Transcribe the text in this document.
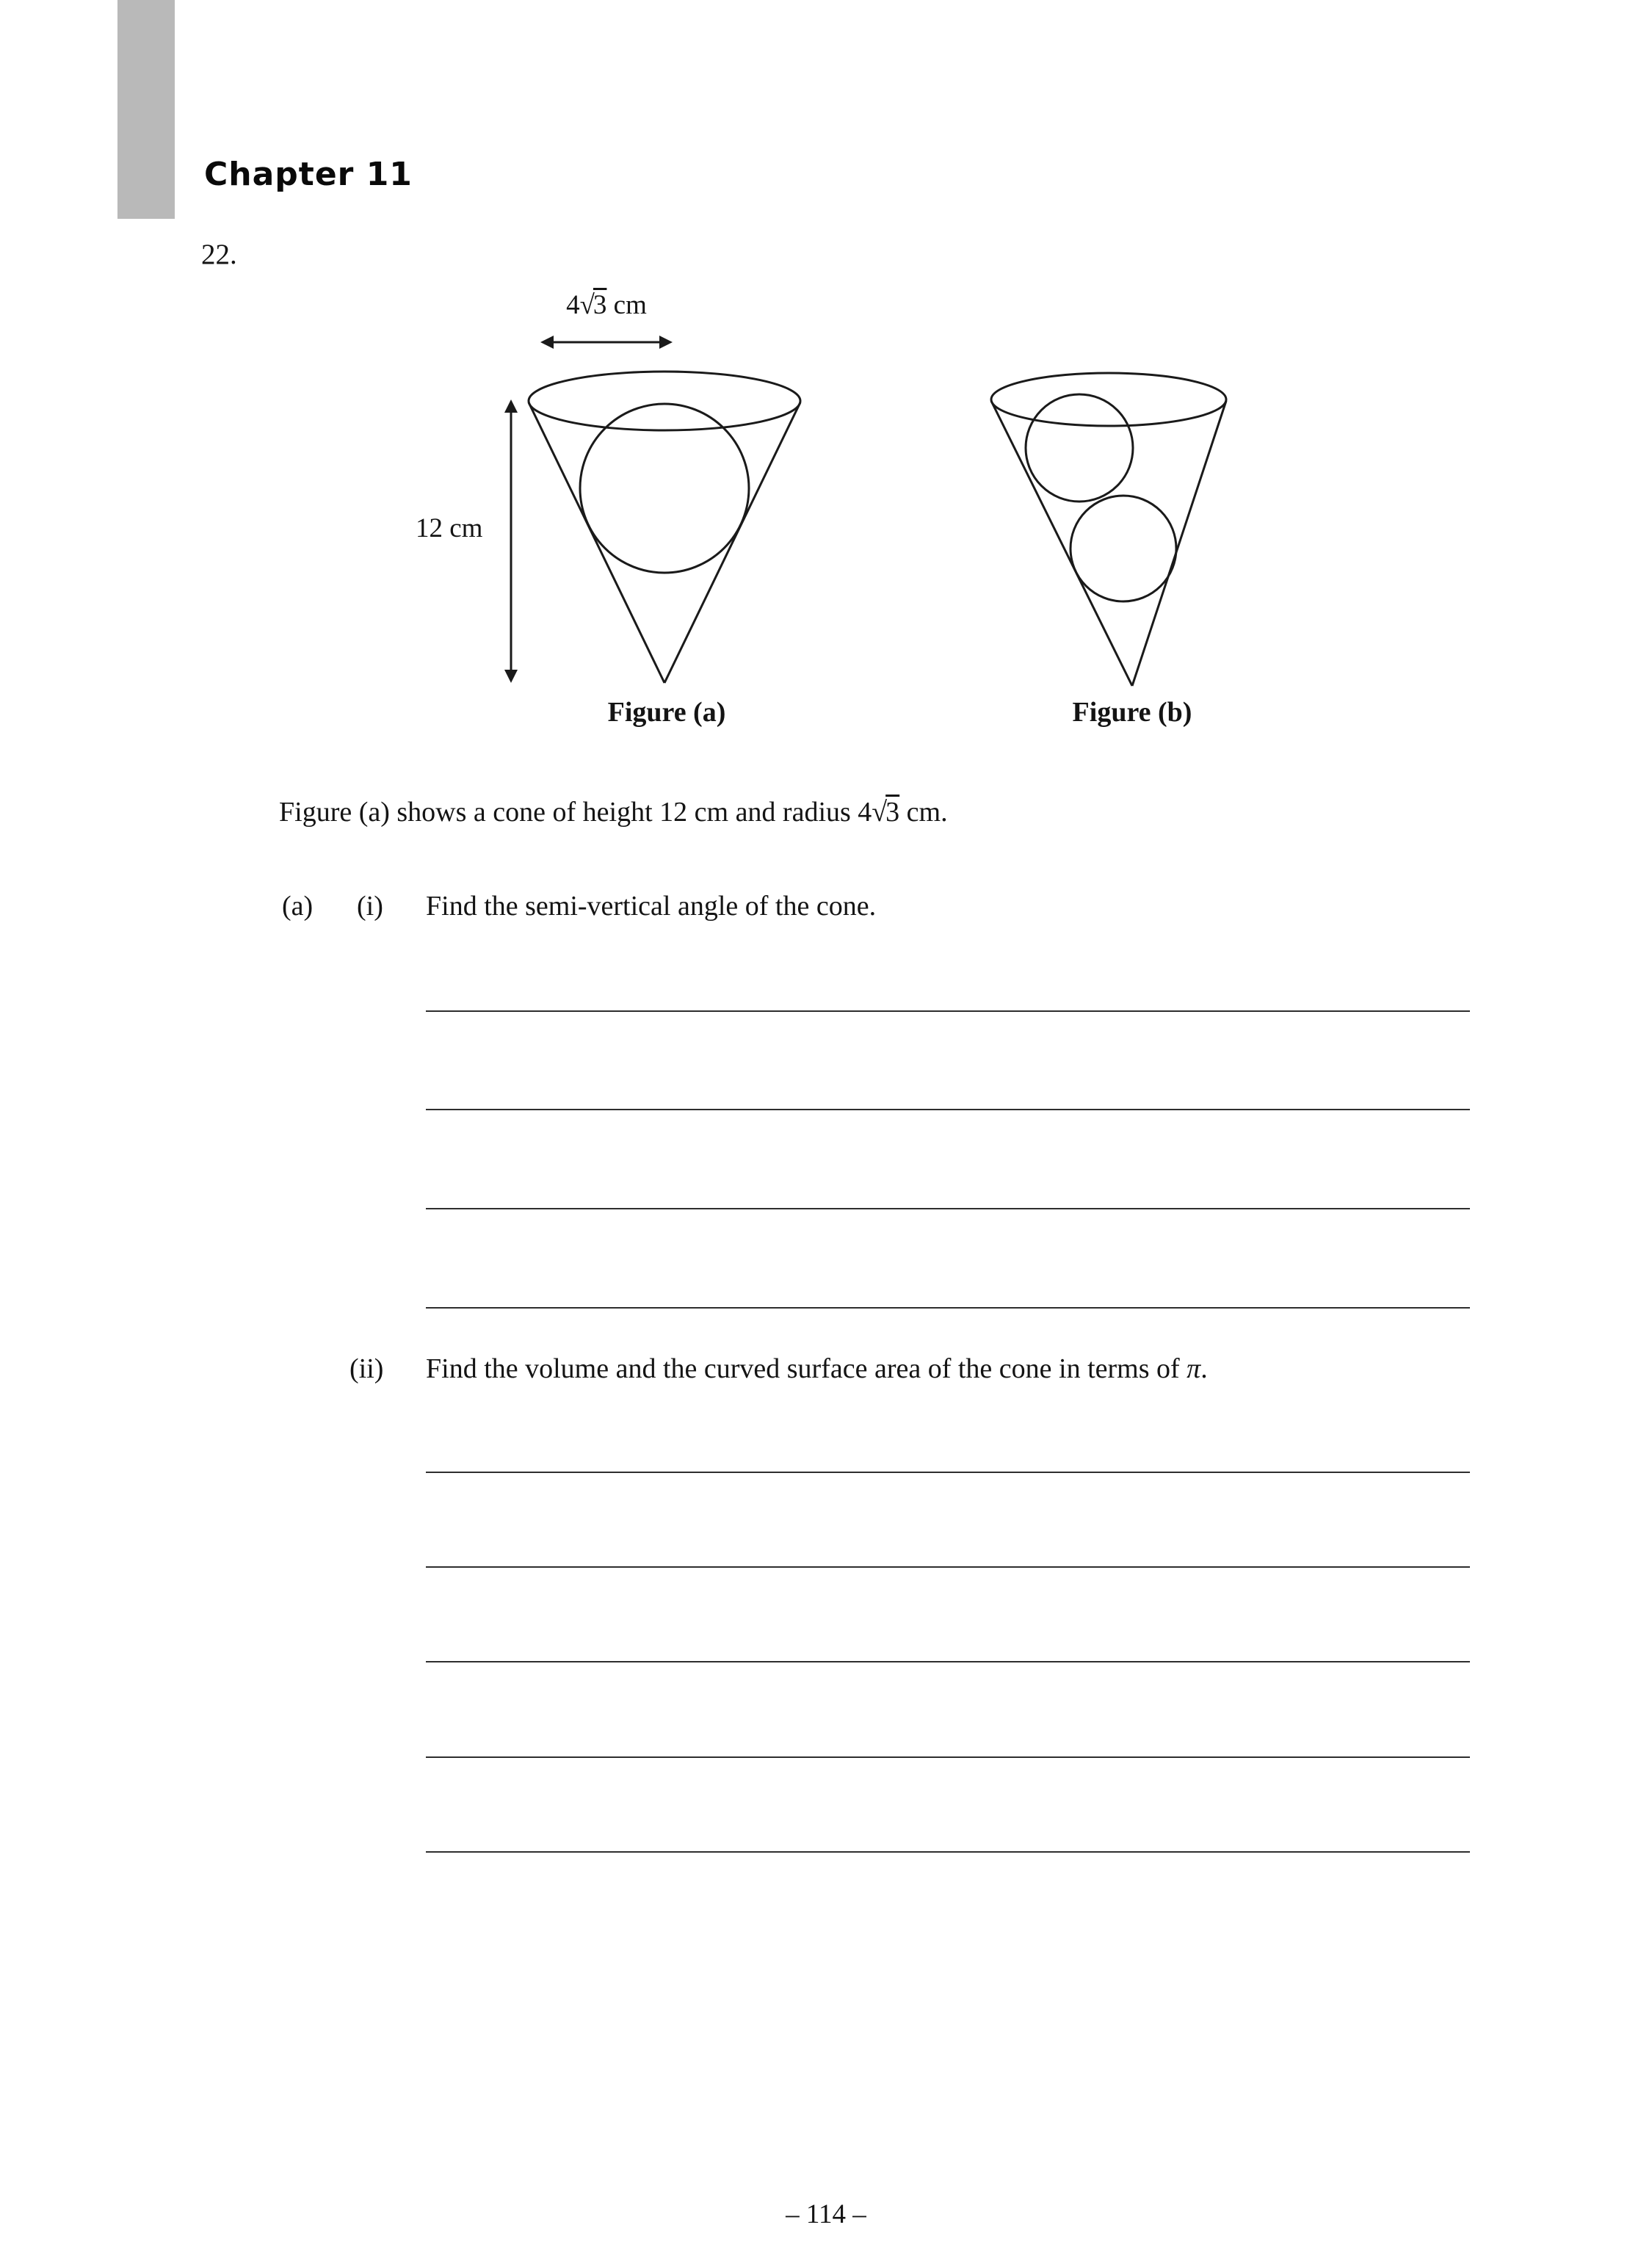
Chapter 11
22.
4√3 cm
12 cm
Figure (a)	Figure (b)
Figure (a) shows a cone of height 12 cm and radius 4√3 cm.
(a) (i) Find the semi-vertical angle of the cone.
(ii) Find the volume and the curved surface area of the cone in terms of π.
– 114 –
